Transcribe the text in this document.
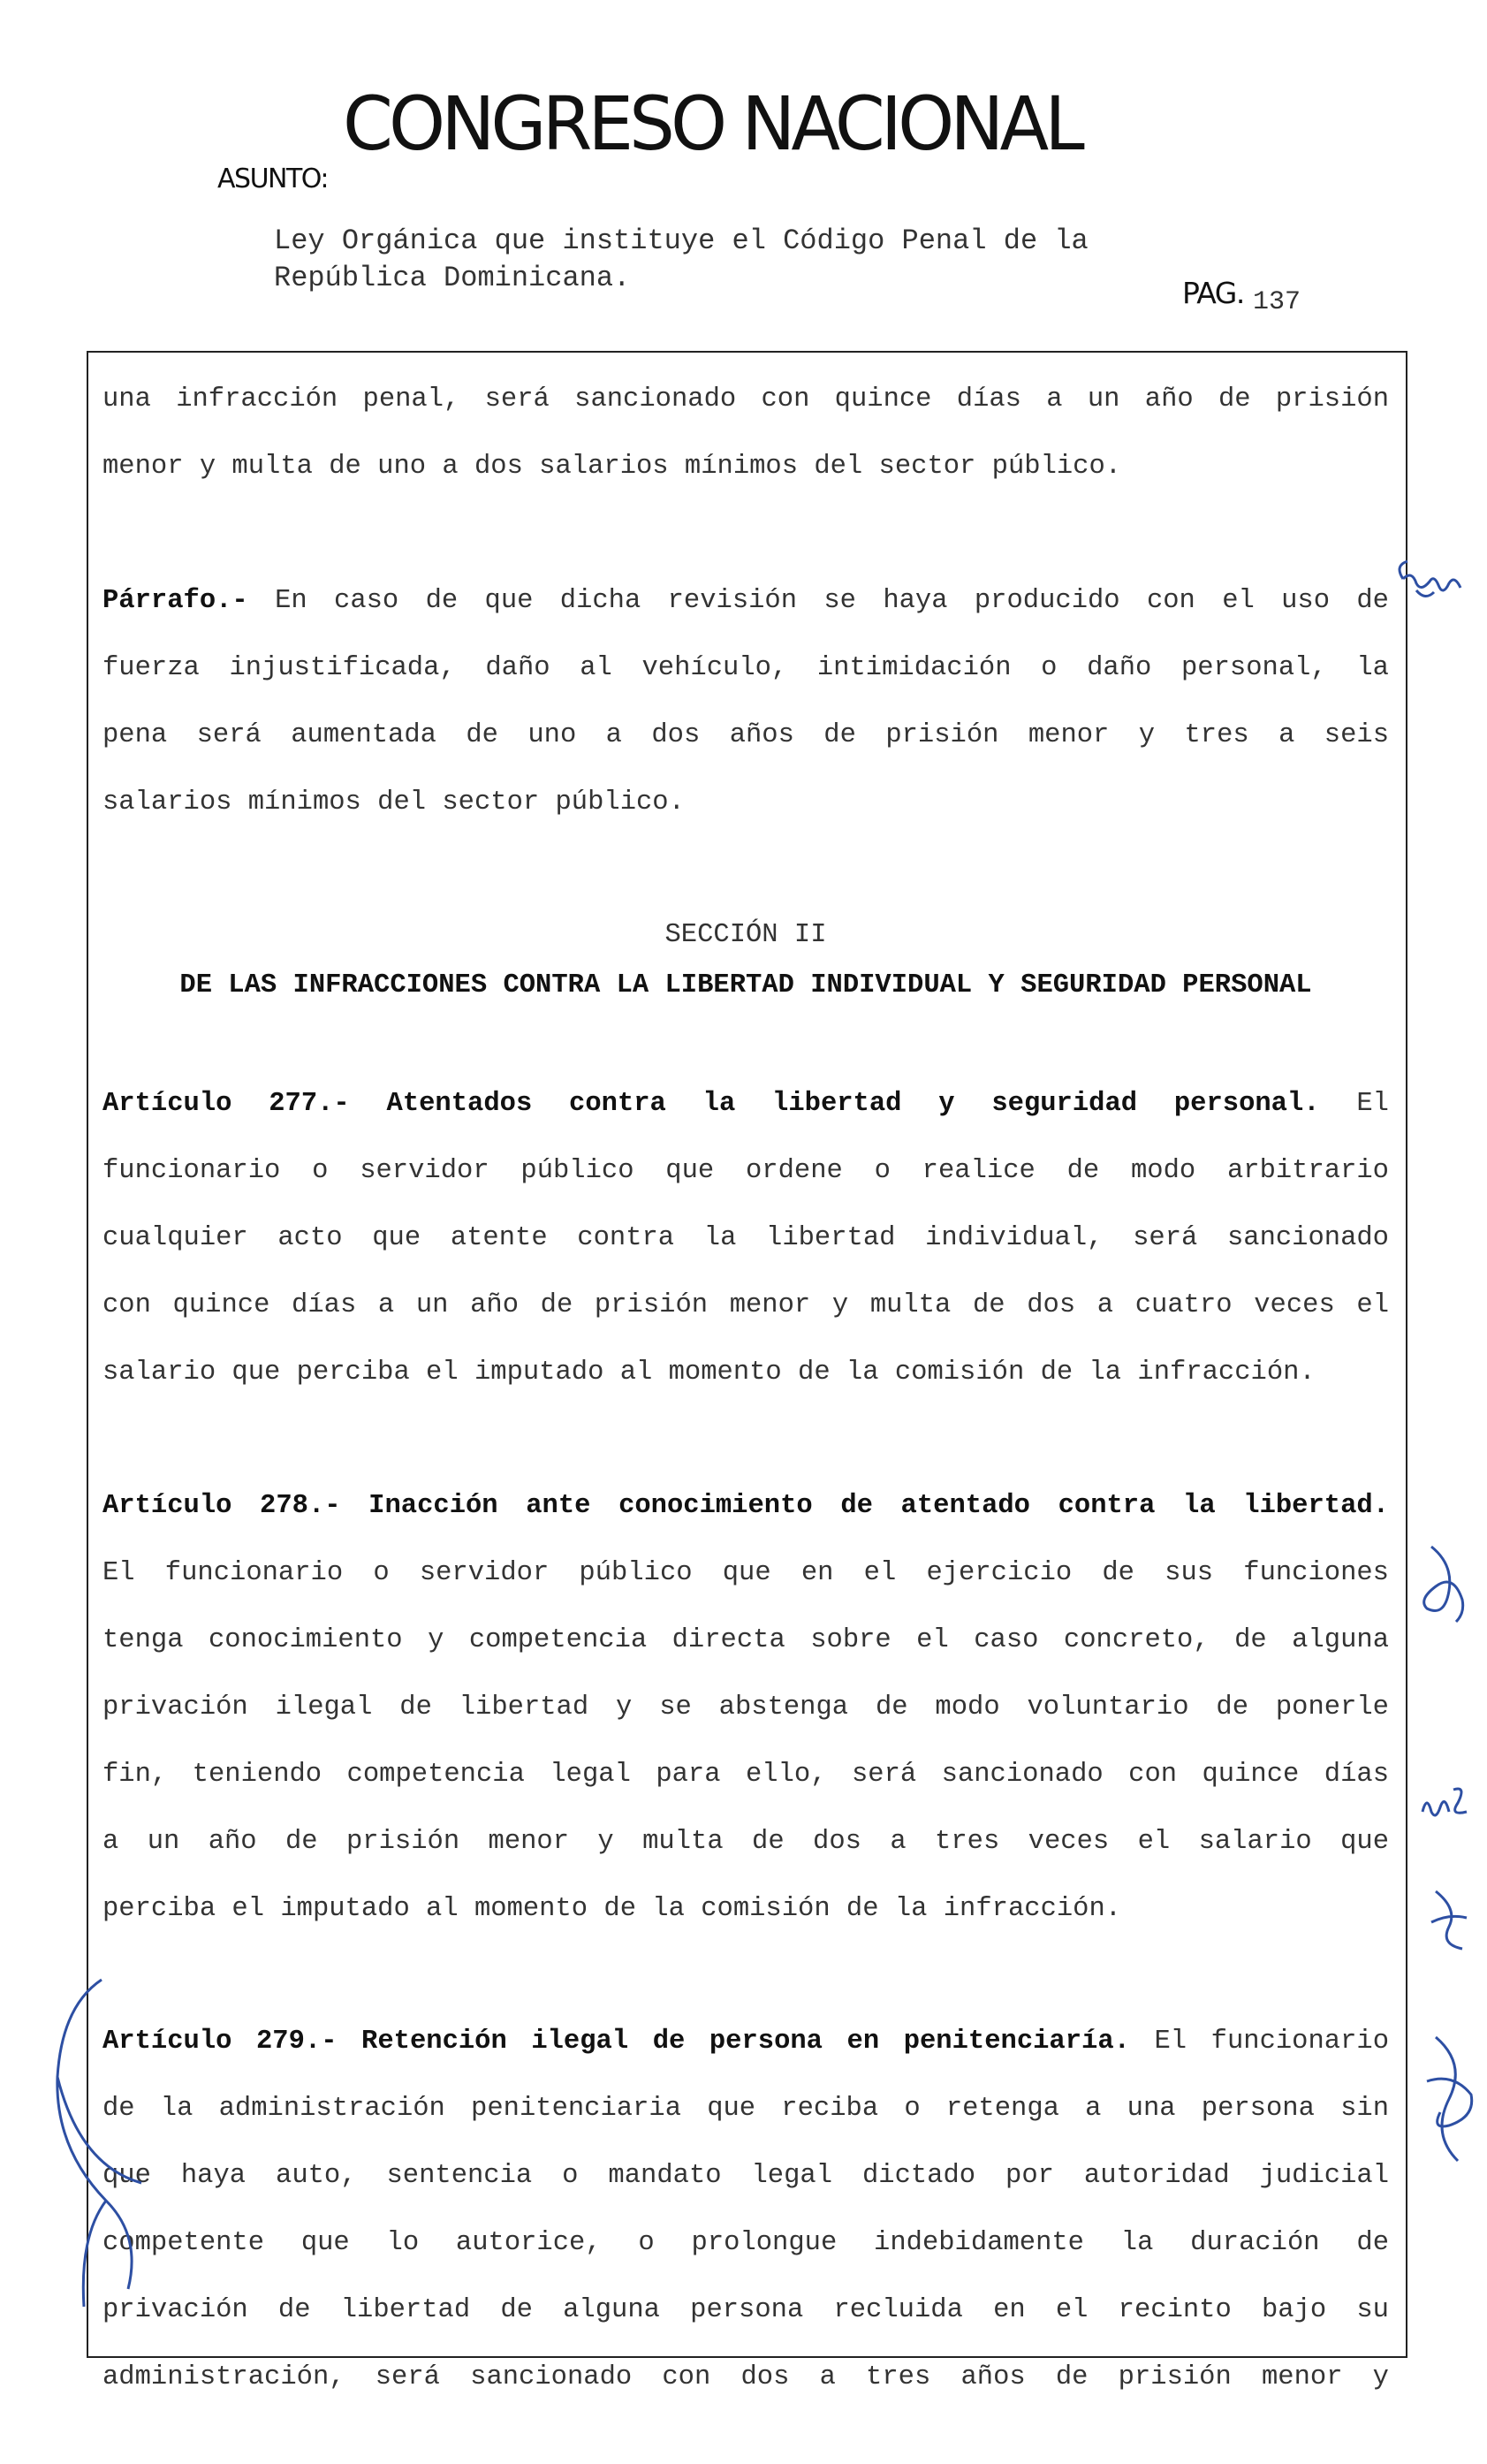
CONGRESO NACIONAL
ASUNTO:
Ley Orgánica que instituye el Código Penal de la
República Dominicana.	PAG. 137
una infracción penal, será sancionado con quince días a un año de prisión
menor y multa de uno a dos salarios mínimos del sector público.
Párrafo.- En caso de que dicha revisión se haya producido con el uso de
fuerza injustificada, daño al vehículo, intimidación o daño personal, la
pena será aumentada de uno a dos años de prisión menor y tres a seis
salarios mínimos del sector público.
SECCIÓN II
DE LAS INFRACCIONES CONTRA LA LIBERTAD INDIVIDUAL Y SEGURIDAD PERSONAL
Artículo 277.- Atentados contra la libertad y seguridad personal. El
funcionario o servidor público que ordene o realice de modo arbitrario
cualquier acto que atente contra la libertad individual, será sancionado
con quince días a un año de prisión menor y multa de dos a cuatro veces el
salario que perciba el imputado al momento de la comisión de la infracción.
Artículo 278.- Inacción ante conocimiento de atentado contra la libertad.
El funcionario o servidor público que en el ejercicio de sus funciones
tenga conocimiento y competencia directa sobre el caso concreto, de alguna
privación ilegal de libertad y se abstenga de modo voluntario de ponerle
fin, teniendo competencia legal para ello, será sancionado con quince días
a un año de prisión menor y multa de dos a tres veces el salario que
perciba el imputado al momento de la comisión de la infracción.
Artículo 279.- Retención ilegal de persona en penitenciaría. El funcionario
de la administración penitenciaria que reciba o retenga a una persona sin
que haya auto, sentencia o mandato legal dictado por autoridad judicial
competente que lo autorice, o prolongue indebidamente la duración de
privación de libertad de alguna persona recluida en el recinto bajo su
administración, será sancionado con dos a tres años de prisión menor y
